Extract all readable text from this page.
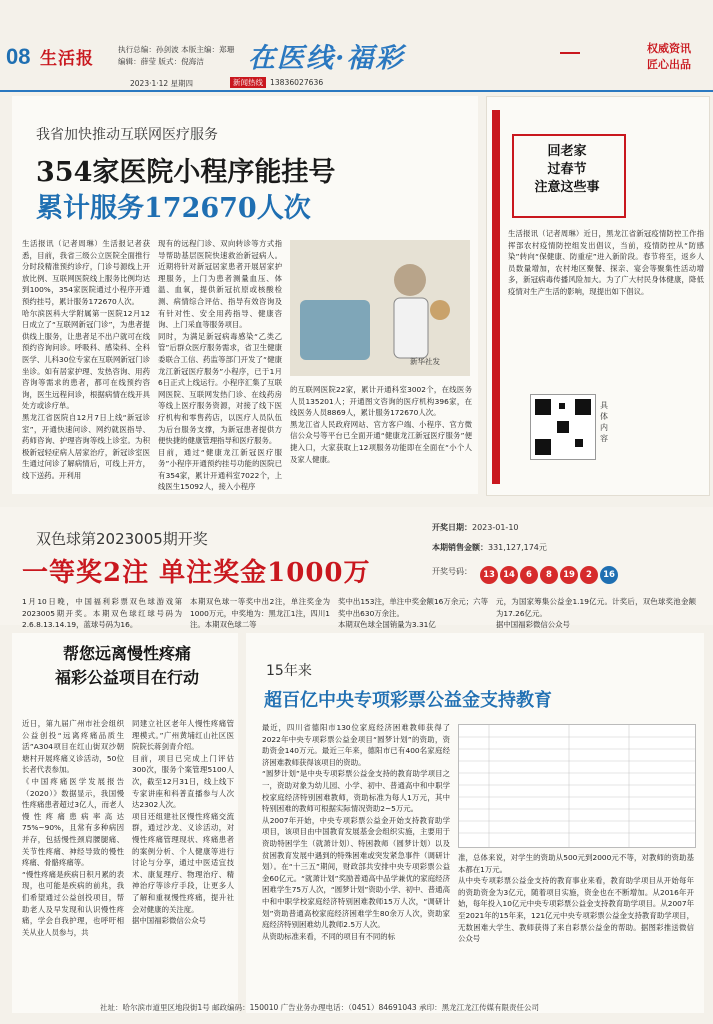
08 生活报	执行总编：孙剑波 本版主编：郑珊
编辑：薛莹 版式：倪海洁 在医线·福彩	权威资讯
匠心出品
2023·1·12 星期四	新闻热线 13836027636
我省加快推动互联网医疗服务
354家医院小程序能挂号
累计服务172670人次

生活报讯（记者周琳）生活报记者获悉，目前，我省三级公立医院全面推行分时段精准预约诊疗，门诊号源线上开放比例、互联网医院线上服务比例均达到100%，354家医院通过小程序开通预约挂号，累计服务172670人次。
哈尔滨医科大学附属第一医院12月12日成立了“互联网新冠门诊”，为患者提供线上服务，让患者足不出户就可在线预约咨询问诊。呼吸科、感染科、全科医学、儿科30位专家在互联网新冠门诊坐诊。如有居家护理、发热咨询、用药咨询等需求的患者，都可在线预约咨询，医生远程问诊，根据病情在线开具处方或诊疗单。
黑龙江省医院自12月7日上线“新冠诊室”，开通快速问诊、网约就医指导、药师咨询、护理咨询等线上诊室。为积极新冠轻症病人居家治疗，新冠诊室医生通过问诊了解病情后，可线上开方，线下送药。开利用

现有的远程门诊、双向转诊等方式指导帮助基层医院快速救治新冠病人。近期将针对新冠居家患者开展居家护理服务，上门为患者测量血压、体温、血氧，提供新冠抗原或核酸检测、病情综合评估、指导有效咨询及有针对性、安全用药指导、健康咨询、上门采血等服务项目。
同时，为满足新冠病毒感染“乙类乙管”后群众医疗服务需求，省卫生健康委联合工信、药监等部门开发了“健康龙江新冠医疗服务”小程序，已于1月6日正式上线运行。小程序汇集了互联网医院、互联网发热门诊、在线药房等线上医疗服务资源，对接了线下医疗机构和零售药店，以医疗人员队伍为后台服务支撑，为新冠患者提供方便快捷的健康管理指导和医疗服务。
目前，通过“健康龙江新冠医疗服务”小程序开通预约挂号功能的医院已有354家，累计开通科室7022个，上线医生15092人，接入小程序

新华社发

的互联网医院22家，累计开通科室3002个，在线医务人员135201人；开通图文咨询的医疗机构396家，在线医务人员8869人，累计服务172670人次。
黑龙江省人民政府网站、官方客户端、小程序、官方微信公众号等平台已全面开通“健康龙江新冠医疗服务”便捷入口，大家获取上12项服务功能即在全面在“小个人及家人健康。

回老家
过春节
注意这些事

生活报讯（记者周琳）近日，黑龙江省新冠疫情防控工作指挥部农村疫情防控组发出倡议，当前，疫情防控从“防感染”转向“保健康、防重症”进入新阶段。春节将至，返乡人员数量增加，农村地区聚餐、探亲、宴会等聚集性活动增多，新冠病毒传播风险加大。为了广大村民身体健康，降低疫情对生产生活的影响，现提出如下倡议。

具体内容
双色球第2023005期开奖
一等奖2注 单注奖金1000万
开奖日期：2023-01-10
本期销售金额：331,127,174元
开奖号码：	13 14 6 8 19 2 16

1月10日晚，中国福利彩票双色球游戏第2023005期开奖。本期双色球红球号码为2.6.8.13.14.19，蓝球号码为16。

本期双色球一等奖中出2注，单注奖金为1000万元，中奖地为：黑龙江1注，四川1注。本期双色球二等

奖中出153注，单注中奖金额16万余元；六等奖中出630万余注。
本期双色球全国销量为3.31亿

元，为国家筹集公益金1.19亿元。计奖后，双色球奖池金额为17.26亿元。
据中国福彩微信公众号

帮您远离慢性疼痛
福彩公益项目在行动

近日，第九届广州市社会组织公益创投“远离疼痛品质生活”A304项目在红山街双沙朝塘村开展疼痛义诊活动，50位长者代表参加。
《中国疼痛医学发展报告（2020）》数据显示，我国慢性疼痛患者超过3亿人，而老人慢性疼痛患病率高达75%~90%，且常有多种病因并存，包括慢性颈肩腰腿痛、关节性疼痛、神经导致的慢性疼痛、骨骼疼痛等。
“慢性疼痛是疾病日积月累的表现，也可能是疾病的前兆，我们希望通过公益创投项目，帮助老人及早发现和认识慢性疼痛，学会自我护理，也呼吁相关从业人员参与，共

同建立社区老年人慢性疼痛管理模式。”广州黄埔红山社区医院院长蒋剑青介绍。
目前，项目已完成上门评估300次，服务个案管理5100人次，截至12月31日，线上线下专家讲座和科普直播参与人次达2302人次。
项目还组建社区慢性疼痛交流群，通过沙龙、义诊活动，对慢性疼痛管理现状、疼痛患者的案例分析、个人健康等进行讨论与分享，通过中医适宜技术、康复理疗、物理治疗、精神治疗等诊疗手段，让更多人了解和重视慢性疼痛，提升社会对健康的关注度。
据中国福彩微信公众号

15年来
超百亿中央专项彩票公益金支持教育

最近，四川省德阳市130位家庭经济困难教师获得了2022年中央专项彩票公益金项目“圆梦计划”的资助，资助资金140万元。最近三年来，德阳市已有400名家庭经济困难教师获得该项目的资助。
“圆梦计划”是中央专项彩票公益金支持的教育助学项目之一，资助对象为幼儿园、小学、初中、普通高中和中职学校家庭经济特别困难教师，资助标准为每人1万元，其中特别困难的教师可根据实际情况资助2~5万元。
从2007年开始，中央专项彩票公益金开始支持教育助学项目，该项目由中国教育发展基金会组织实施，主要用于资助特困学生（就萧计划）、特困教师（圆梦计划）以及贫困教育发展中遇到的特殊困难或突发紧急事件（调研计划）。在“十三五”期间，财政部共安排中央专项彩票公益金60亿元。“就萧计划”奖励普通高中品学兼优的家庭经济困难学生75万人次，“圆梦计划”资助小学、初中、普通高中和中职学校家庭经济特别困难教师15万人次，“调研计划”资助普通高校家庭经济困难学生80余万人次，资助家庭经济特别困难幼儿教师2.5万人次。
从资助标准来看，不同的项目有不同的标

准，总体来说，对学生的资助从500元到2000元不等，对教师的资助基本都在1万元。
从中央专项彩票公益金支持的教育事业来看，教育助学项目从开始每年的资助资金为3亿元，随着项目实施，资金也在不断增加。从2016年开始，每年投入10亿元中央专项彩票公益金支持教育助学项目。从2007年至2021年的15年来，121亿元中央专项彩票公益金支持教育助学项目，无数困难大学生、教师获得了来自彩票公益金的帮助。据图彩推送微信公众号

社址：哈尔滨市道里区地段街1号 邮政编码：150010 广告业务办理电话：（0451）84691043 承印：黑龙江龙江传媒有限责任公司
